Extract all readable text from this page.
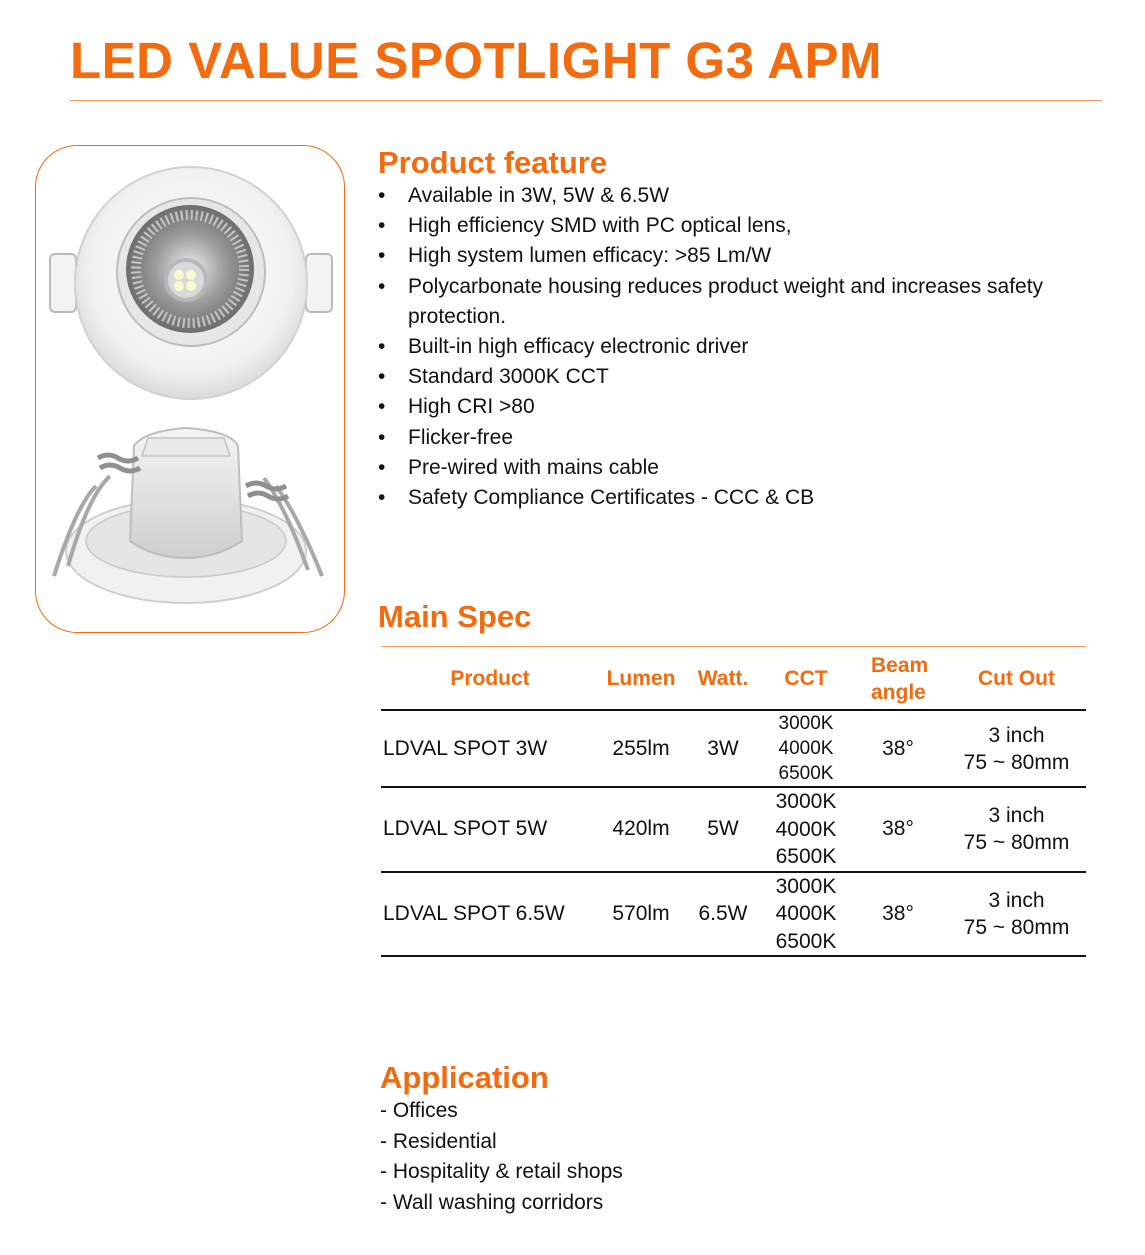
LED VALUE SPOTLIGHT G3 APM
Product feature
• Available in 3W, 5W & 6.5W
• High efficiency SMD with PC optical lens,
• High system lumen efficacy: >85 Lm/W
• Polycarbonate housing reduces product weight and increases safety protection.
• Built-in high efficacy electronic driver
• Standard 3000K CCT
• High CRI >80
• Flicker-free
• Pre-wired with mains cable
• Safety Compliance Certificates - CCC & CB
Main Spec
Product	Lumen	Watt.	CCT	Beam angle	Cut Out
LDVAL SPOT 3W	255lm	3W	3000K
4000K
6500K	38°	3 inch
75 ~ 80mm

LDVAL SPOT 5W	420lm	5W	3000K
4000K
6500K	38°	3 inch
75 ~ 80mm

LDVAL SPOT 6.5W	570lm	6.5W	3000K
4000K
6500K	38°	3 inch
75 ~ 80mm
Application
- Offices
- Residential
- Hospitality & retail shops
- Wall washing corridors
